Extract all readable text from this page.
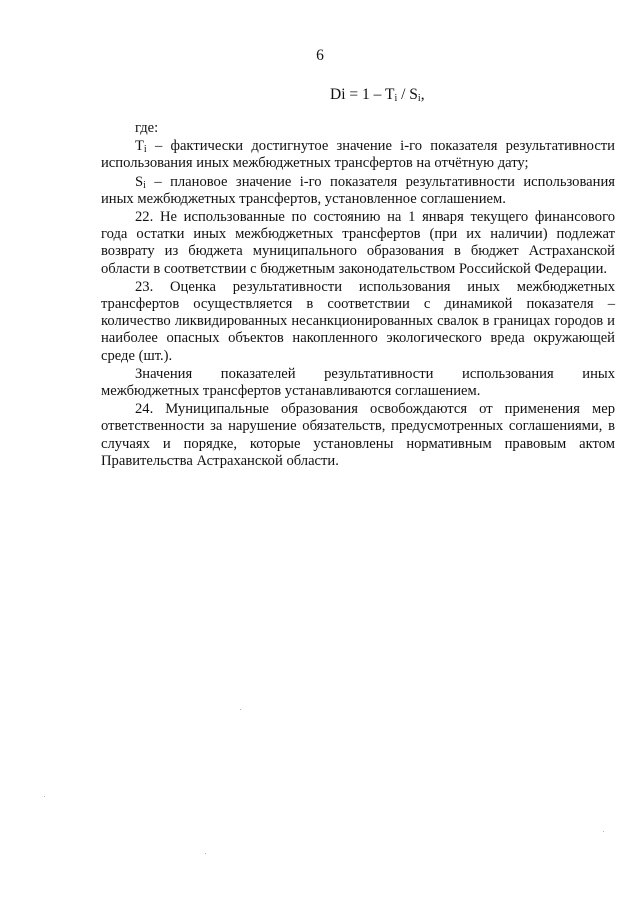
6
$Di = 1 - T_i / S_i$,

где:

$T_i$ – фактически достигнутое значение i-го показателя результативности использования иных межбюджетных трансфертов на отчётную дату;

$S_i$ – плановое значение i-го показателя результативности использования иных межбюджетных трансфертов, установленное соглашением.

22. Не использованные по состоянию на 1 января текущего финансового года остатки иных межбюджетных трансфертов (при их наличии) подлежат возврату из бюджета муниципального образования в бюджет Астраханской области в соответствии с бюджетным законодательством Российской Федерации.

23. Оценка результативности использования иных межбюджетных трансфертов осуществляется в соответствии с динамикой показателя – количество ликвидированных несанкционированных свалок в границах городов и наиболее опасных объектов накопленного экологического вреда окружающей среде (шт.).

Значения показателей результативности использования иных межбюджетных трансфертов устанавливаются соглашением.

24. Муниципальные образования освобождаются от применения мер ответственности за нарушение обязательств, предусмотренных соглашениями, в случаях и порядке, которые установлены нормативным правовым актом Правительства Астраханской области.
